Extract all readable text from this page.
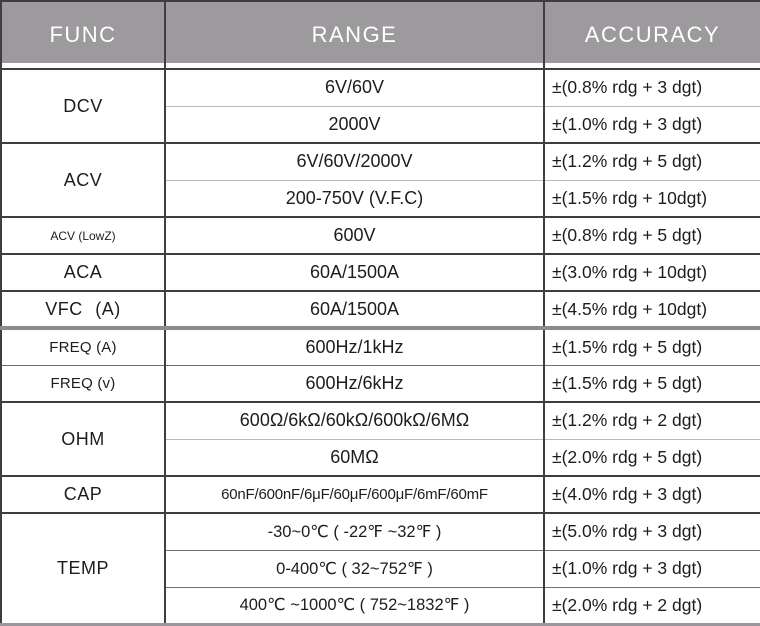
FUNC	RANGE	ACCURACY
DCV	6V/60V	±(0.8% rdg + 3 dgt)
	2000V	±(1.0% rdg + 3 dgt)
ACV	6V/60V/2000V	±(1.2% rdg + 5 dgt)
	200-750V (V.F.C)	±(1.5% rdg + 10dgt)
ACV (LowZ)	600V	±(0.8% rdg + 5 dgt)
ACA	60A/1500A	±(3.0% rdg + 10dgt)
VFC (A)	60A/1500A	±(4.5% rdg + 10dgt)
FREQ (A)	600Hz/1kHz	±(1.5% rdg + 5 dgt)
FREQ (v)	600Hz/6kHz	±(1.5% rdg + 5 dgt)
OHM	600Ω/6kΩ/60kΩ/600kΩ/6MΩ	±(1.2% rdg + 2 dgt)
	60MΩ	±(2.0% rdg + 5 dgt)
CAP	60nF/600nF/6μF/60μF/600μF/6mF/60mF	±(4.0% rdg + 3 dgt)
TEMP	-30~0℃ ( -22℉ ~32℉ )	±(5.0% rdg + 3 dgt)
	0-400℃ ( 32~752℉ )	±(1.0% rdg + 3 dgt)
	400℃ ~1000℃ ( 752~1832℉ )	±(2.0% rdg + 2 dgt)
